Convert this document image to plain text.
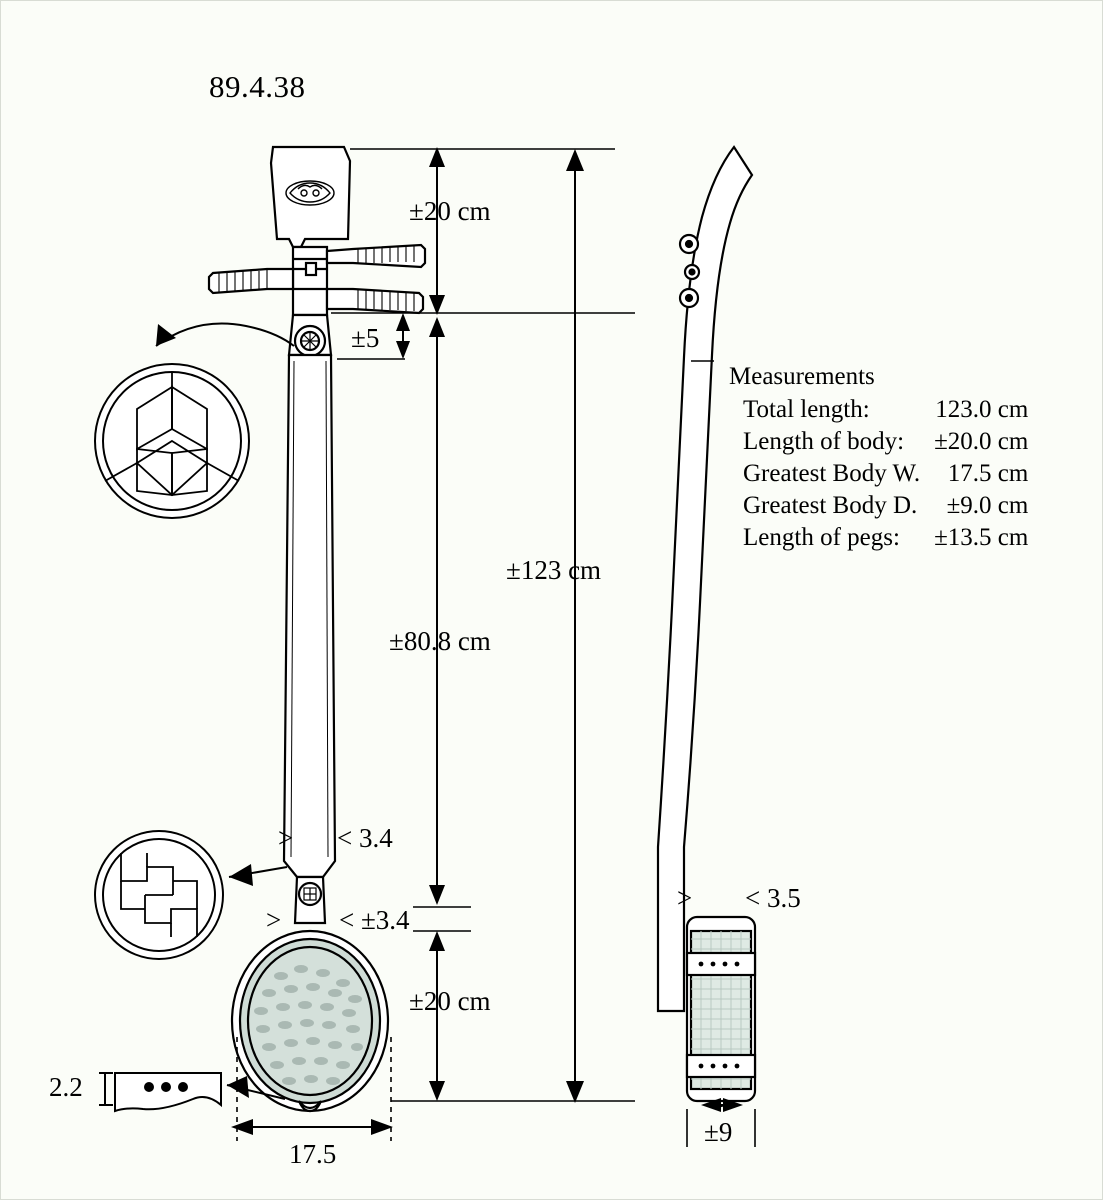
89.4.38
±20 cm
±5
±123 cm
±80.8 cm
> < 3.4
> < ±3.4
±20 cm
17.5
2.2
> < 3.5
±9
Measurements
Total length:	123.0 cm
Length of body:	±20.0 cm
Greatest Body W.	17.5 cm
Greatest Body D.	±9.0 cm
Length of pegs:	±13.5 cm
